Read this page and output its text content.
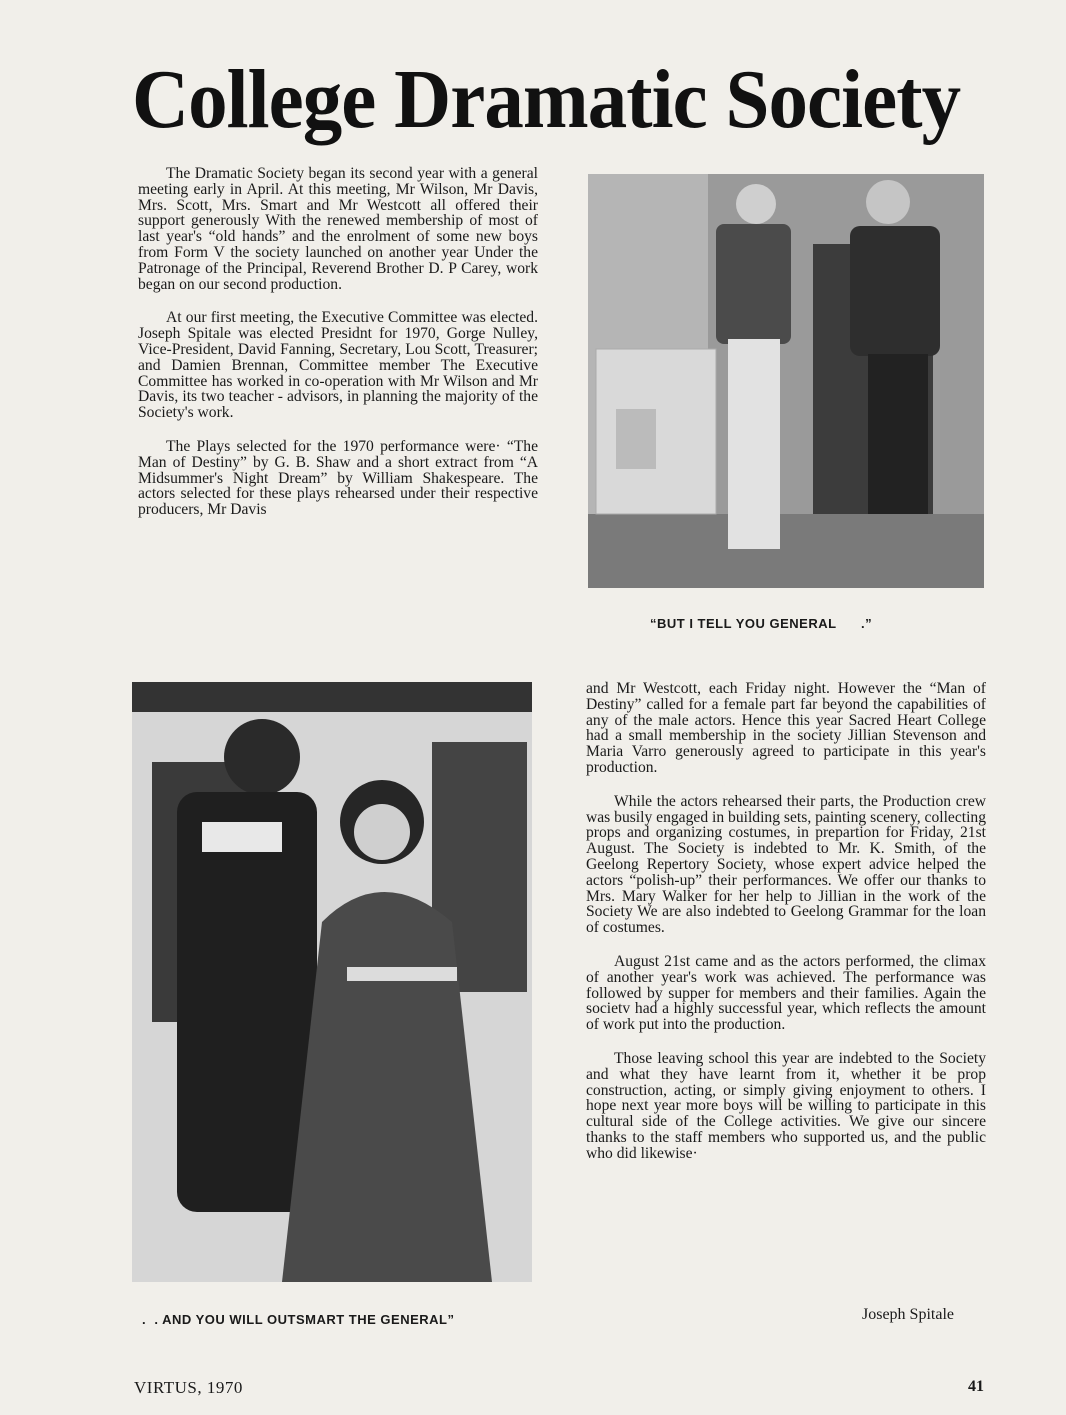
College Dramatic Society

The Dramatic Society began its second year with a general meeting early in April. At this meeting, Mr Wilson, Mr Davis, Mrs. Scott, Mrs. Smart and Mr Westcott all offered their support generously With the renewed membership of most of last year's “old hands” and the enrolment of some new boys from Form V the society launched on another year Under the Patronage of the Principal, Reverend Brother D. P Carey, work began on our second production.

At our first meeting, the Executive Committee was elected. Joseph Spitale was elected Presidnt for 1970, Gorge Nulley, Vice-President, David Fanning, Secretary, Lou Scott, Treasurer; and Damien Brennan, Committee member The Executive Committee has worked in co-operation with Mr Wilson and Mr Davis, its two teacher - advisors, in planning the majority of the Society's work.

The Plays selected for the 1970 performance were· “The Man of Destiny” by G. B. Shaw and a short extract from “A Midsummer's Night Dream” by William Shakespeare. The actors selected for these plays rehearsed under their respective producers, Mr Davis

“BUT I TELL YOU GENERAL      .”
.  . AND YOU WILL OUTSMART THE GENERAL”

and Mr Westcott, each Friday night. However the “Man of Destiny” called for a female part far beyond the capabilities of any of the male actors. Hence this year Sacred Heart College had a small membership in the society Jillian Stevenson and Maria Varro generously agreed to participate in this year's production.

While the actors rehearsed their parts, the Production crew was busily engaged in building sets, painting scenery, collecting props and organizing costumes, in prepartion for Friday, 21st August. The Society is indebted to Mr. K. Smith, of the Geelong Repertory Society, whose expert advice helped the actors “polish-up” their performances. We offer our thanks to Mrs. Mary Walker for her help to Jillian in the work of the Society We are also indebted to Geelong Grammar for the loan of costumes.

August 21st came and as the actors performed, the climax of another year's work was achieved. The performance was followed by supper for members and their families. Again the societv had a highly successful year, which reflects the amount of work put into the production.

Those leaving school this year are indebted to the Society and what they have learnt from it, whether it be prop construction, acting, or simply giving enjoyment to others. I hope next year more boys will be willing to participate in this cultural side of the College activities. We give our sincere thanks to the staff members who supported us, and the public who did likewise·

Joseph Spitale
VIRTUS, 1970	41
